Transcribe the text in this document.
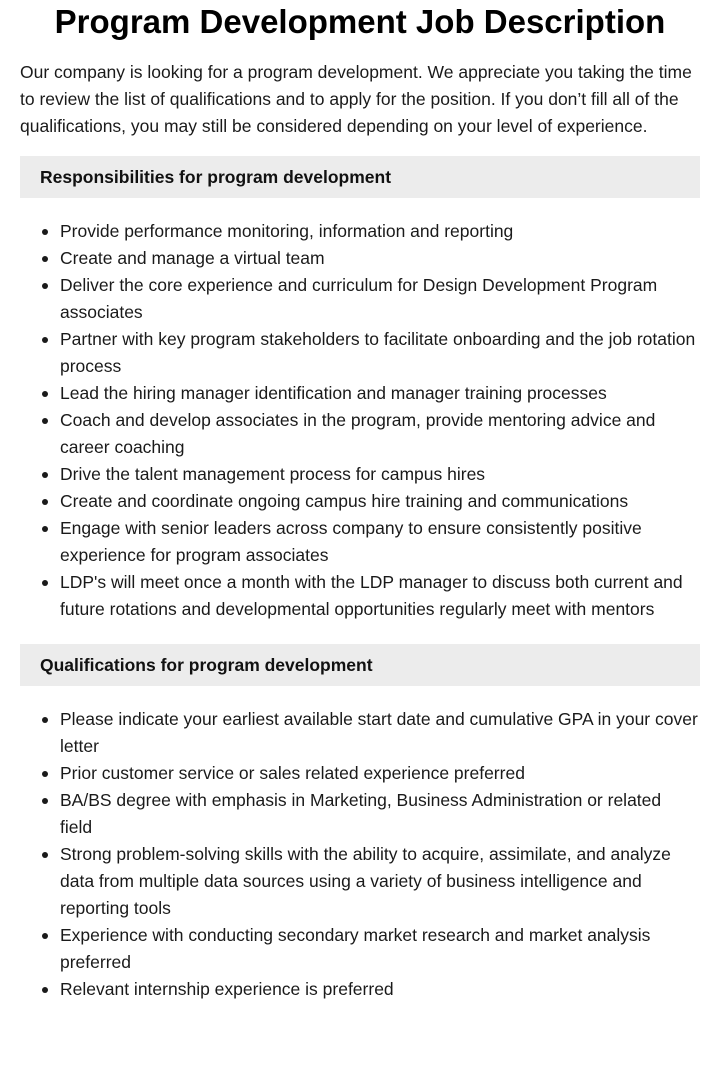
Program Development Job Description

Our company is looking for a program development. We appreciate you taking the time to review the list of qualifications and to apply for the position. If you don’t fill all of the qualifications, you may still be considered depending on your level of experience.

Responsibilities for program development
Provide performance monitoring, information and reporting
Create and manage a virtual team
Deliver the core experience and curriculum for Design Development Program associates
Partner with key program stakeholders to facilitate onboarding and the job rotation process
Lead the hiring manager identification and manager training processes
Coach and develop associates in the program, provide mentoring advice and career coaching
Drive the talent management process for campus hires
Create and coordinate ongoing campus hire training and communications
Engage with senior leaders across company to ensure consistently positive experience for program associates
LDP's will meet once a month with the LDP manager to discuss both current and future rotations and developmental opportunities regularly meet with mentors
Qualifications for program development
Please indicate your earliest available start date and cumulative GPA in your cover letter
Prior customer service or sales related experience preferred
BA/BS degree with emphasis in Marketing, Business Administration or related field
Strong problem-solving skills with the ability to acquire, assimilate, and analyze data from multiple data sources using a variety of business intelligence and reporting tools
Experience with conducting secondary market research and market analysis preferred
Relevant internship experience is preferred
